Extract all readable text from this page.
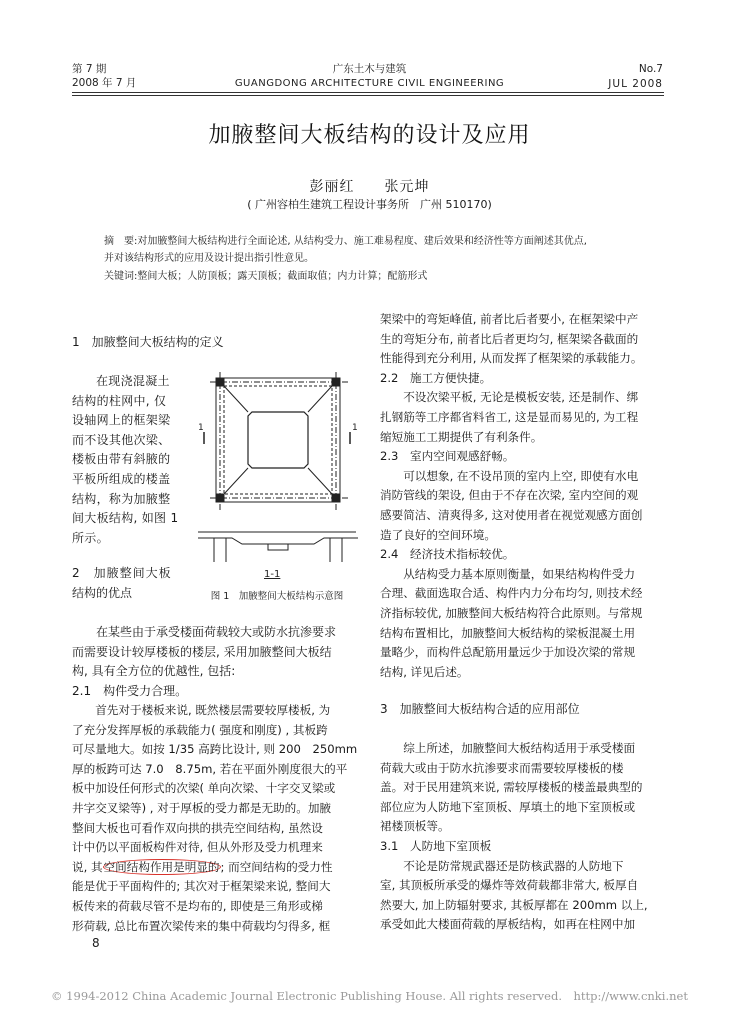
第 7 期
2008 年 7 月
广东土木与建筑
GUANGDONG ARCHITECTURE CIVIL ENGINEERING
No.7
JUL 2008
加腋整间大板结构的设计及应用
彭丽红　　张元坤
( 广州容柏生建筑工程设计事务所　广州 510170)
摘　要:对加腋整间大板结构进行全面论述, 从结构受力、施工难易程度、建后效果和经济性等方面阐述其优点,
并对该结构形式的应用及设计提出指引性意见。
关键词:整间大板；人防顶板；露天顶板；截面取值；内力计算；配筋形式
1　加腋整间大板结构的定义

在现浇混凝土

结构的柱网中, 仅

设轴网上的框架梁

而不设其他次梁、

楼板由带有斜腋的

平板所组成的楼盖

结构，称为加腋整

间大板结构, 如图 1

所示。

2　加腋整间大板
结构的优点
1	1
1-1
图 1　加腋整间大板结构示意图

在某些由于承受楼面荷载较大或防水抗渗要求

而需要设计较厚楼板的楼层, 采用加腋整间大板结

构, 具有全方位的优越性, 包括:

2.1　构件受力合理。

首先对于楼板来说, 既然楼层需要较厚楼板, 为

了充分发挥厚板的承载能力( 强度和刚度) , 其板跨

可尽量地大。如按 1/35 高跨比设计, 则 200　250mm

厚的板跨可达 7.0　8.75m, 若在平面外刚度很大的平

板中加设任何形式的次梁( 单向次梁、十字交叉梁或

井字交叉梁等) , 对于厚板的受力都是无助的。加腋

整间大板也可看作双向拱的拱壳空间结构, 虽然设

计中仍以平面板构件对待, 但从外形及受力机理来

说, 其空间结构作用是明显的; 而空间结构的受力性

能是优于平面构件的; 其次对于框架梁来说, 整间大

板传来的荷载尽管不是均布的, 即使是三角形或梯

形荷载, 总比布置次梁传来的集中荷载均匀得多, 框

8

架梁中的弯矩峰值, 前者比后者要小, 在框架梁中产

生的弯矩分布, 前者比后者更均匀, 框架梁各截面的

性能得到充分利用, 从而发挥了框架梁的承载能力。

2.2　施工方便快捷。

不设次梁平板, 无论是模板安装, 还是制作、绑

扎钢筋等工序都省料省工, 这是显而易见的, 为工程

缩短施工工期提供了有利条件。

2.3　室内空间观感舒畅。

可以想象, 在不设吊顶的室内上空, 即使有水电

消防管线的架设, 但由于不存在次梁, 室内空间的观

感要简洁、清爽得多, 这对使用者在视觉观感方面创

造了良好的空间环境。

2.4　经济技术指标较优。

从结构受力基本原则衡量，如果结构构件受力

合理、截面选取合适、构件内力分布均匀, 则技术经

济指标较优, 加腋整间大板结构符合此原则。与常规

结构布置相比，加腋整间大板结构的梁板混凝土用

量略少，而构件总配筋用量远少于加设次梁的常规

结构, 详见后述。

3　加腋整间大板结构合适的应用部位

综上所述，加腋整间大板结构适用于承受楼面

荷载大或由于防水抗渗要求而需要较厚楼板的楼

盖。对于民用建筑来说, 需较厚楼板的楼盖最典型的

部位应为人防地下室顶板、厚填土的地下室顶板或

裙楼顶板等。

3.1　人防地下室顶板

不论是防常规武器还是防核武器的人防地下

室, 其顶板所承受的爆炸等效荷载都非常大, 板厚自

然要大, 加上防辐射要求, 其板厚都在 200mm 以上,

承受如此大楼面荷载的厚板结构，如再在柱网中加

© 1994-2012 China Academic Journal Electronic Publishing House. All rights reserved.　http://www.cnki.net
